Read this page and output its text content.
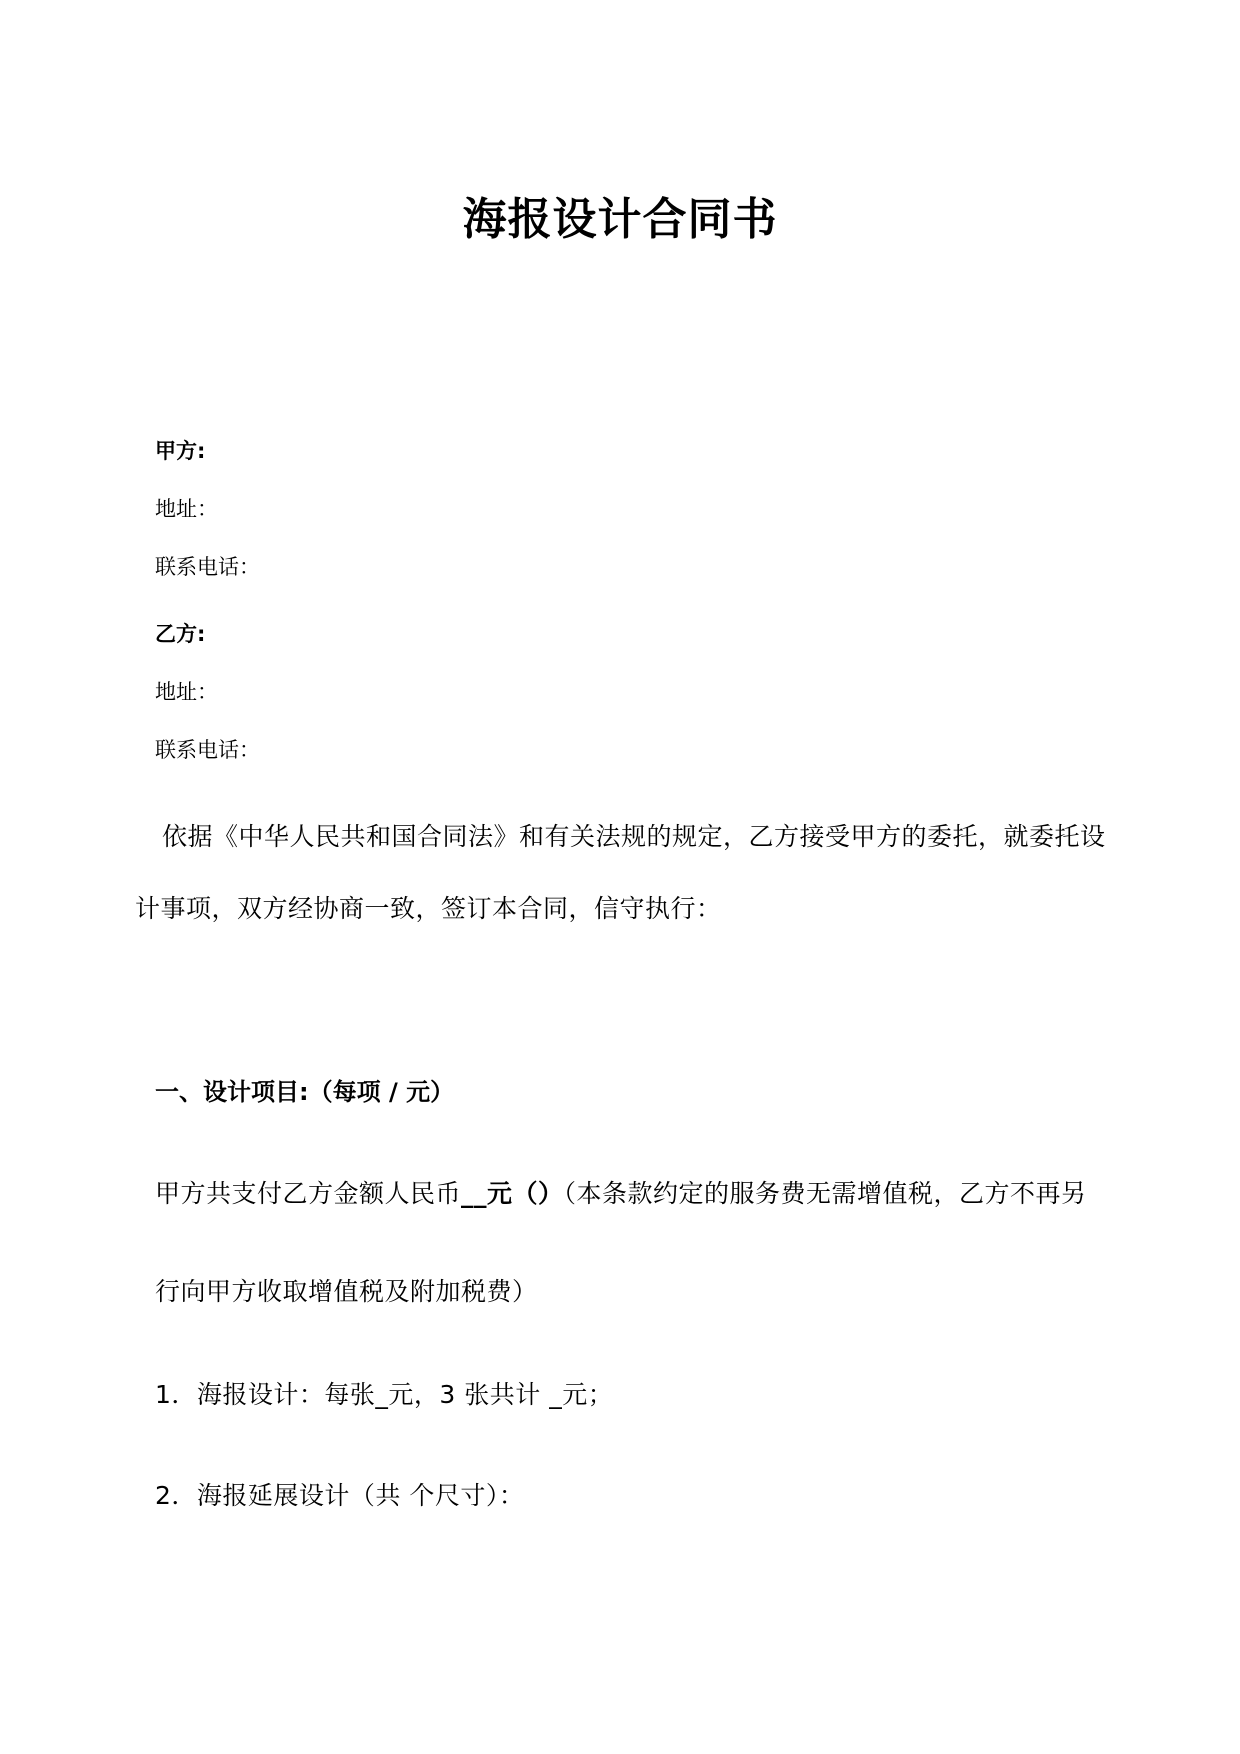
海报设计合同书
甲方:
地址：
联系电话：
乙方:
地址：
联系电话：
依据《中华人民共和国合同法》和有关法规的规定，乙方接受甲方的委托，就委托设
计事项，双方经协商一致，签订本合同，信守执行：
一、设计项目:（每项 / 元）
甲方共支付乙方金额人民币__元（）（本条款约定的服务费无需增值税，乙方不再另
行向甲方收取增值税及附加税费）
1．海报设计：每张_元，3 张共计 _元；
2．海报延展设计（共 个尺寸）：
